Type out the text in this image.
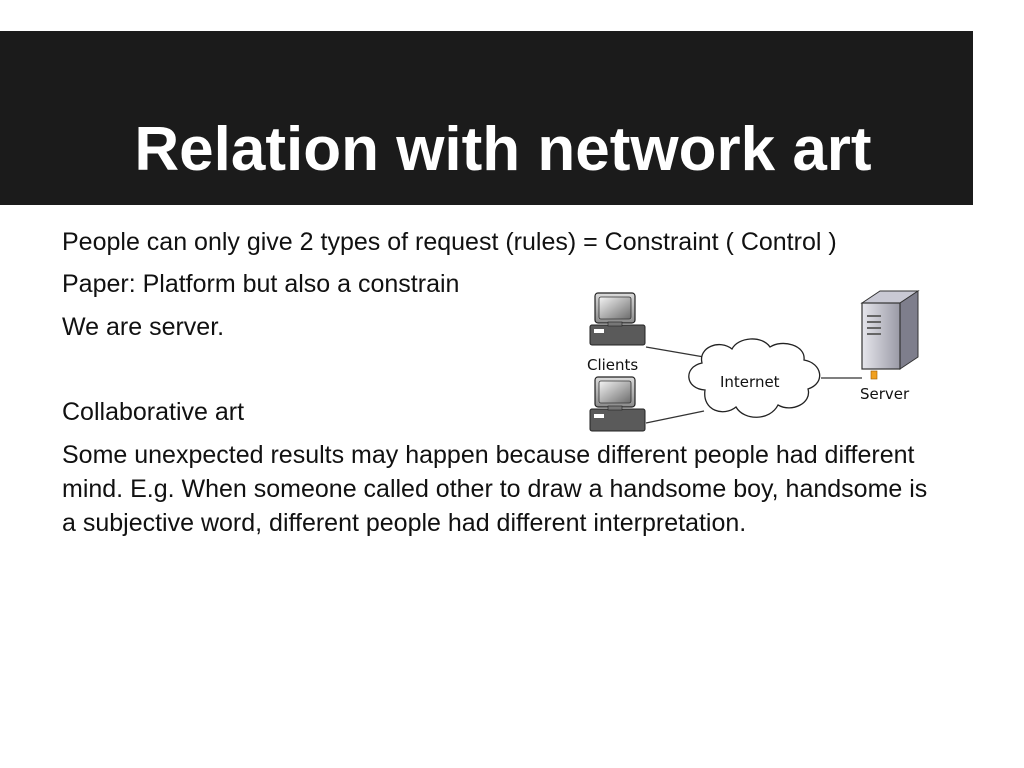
Relation with network art
People can only give 2 types of request (rules) = Constraint ( Control )
Paper: Platform but also a constrain
We are server.
Collaborative art
Some unexpected results may happen because different people had different mind. E.g. When someone called other to draw a handsome boy, handsome is a subjective word, different people had different interpretation.
Clients
Internet
Server
